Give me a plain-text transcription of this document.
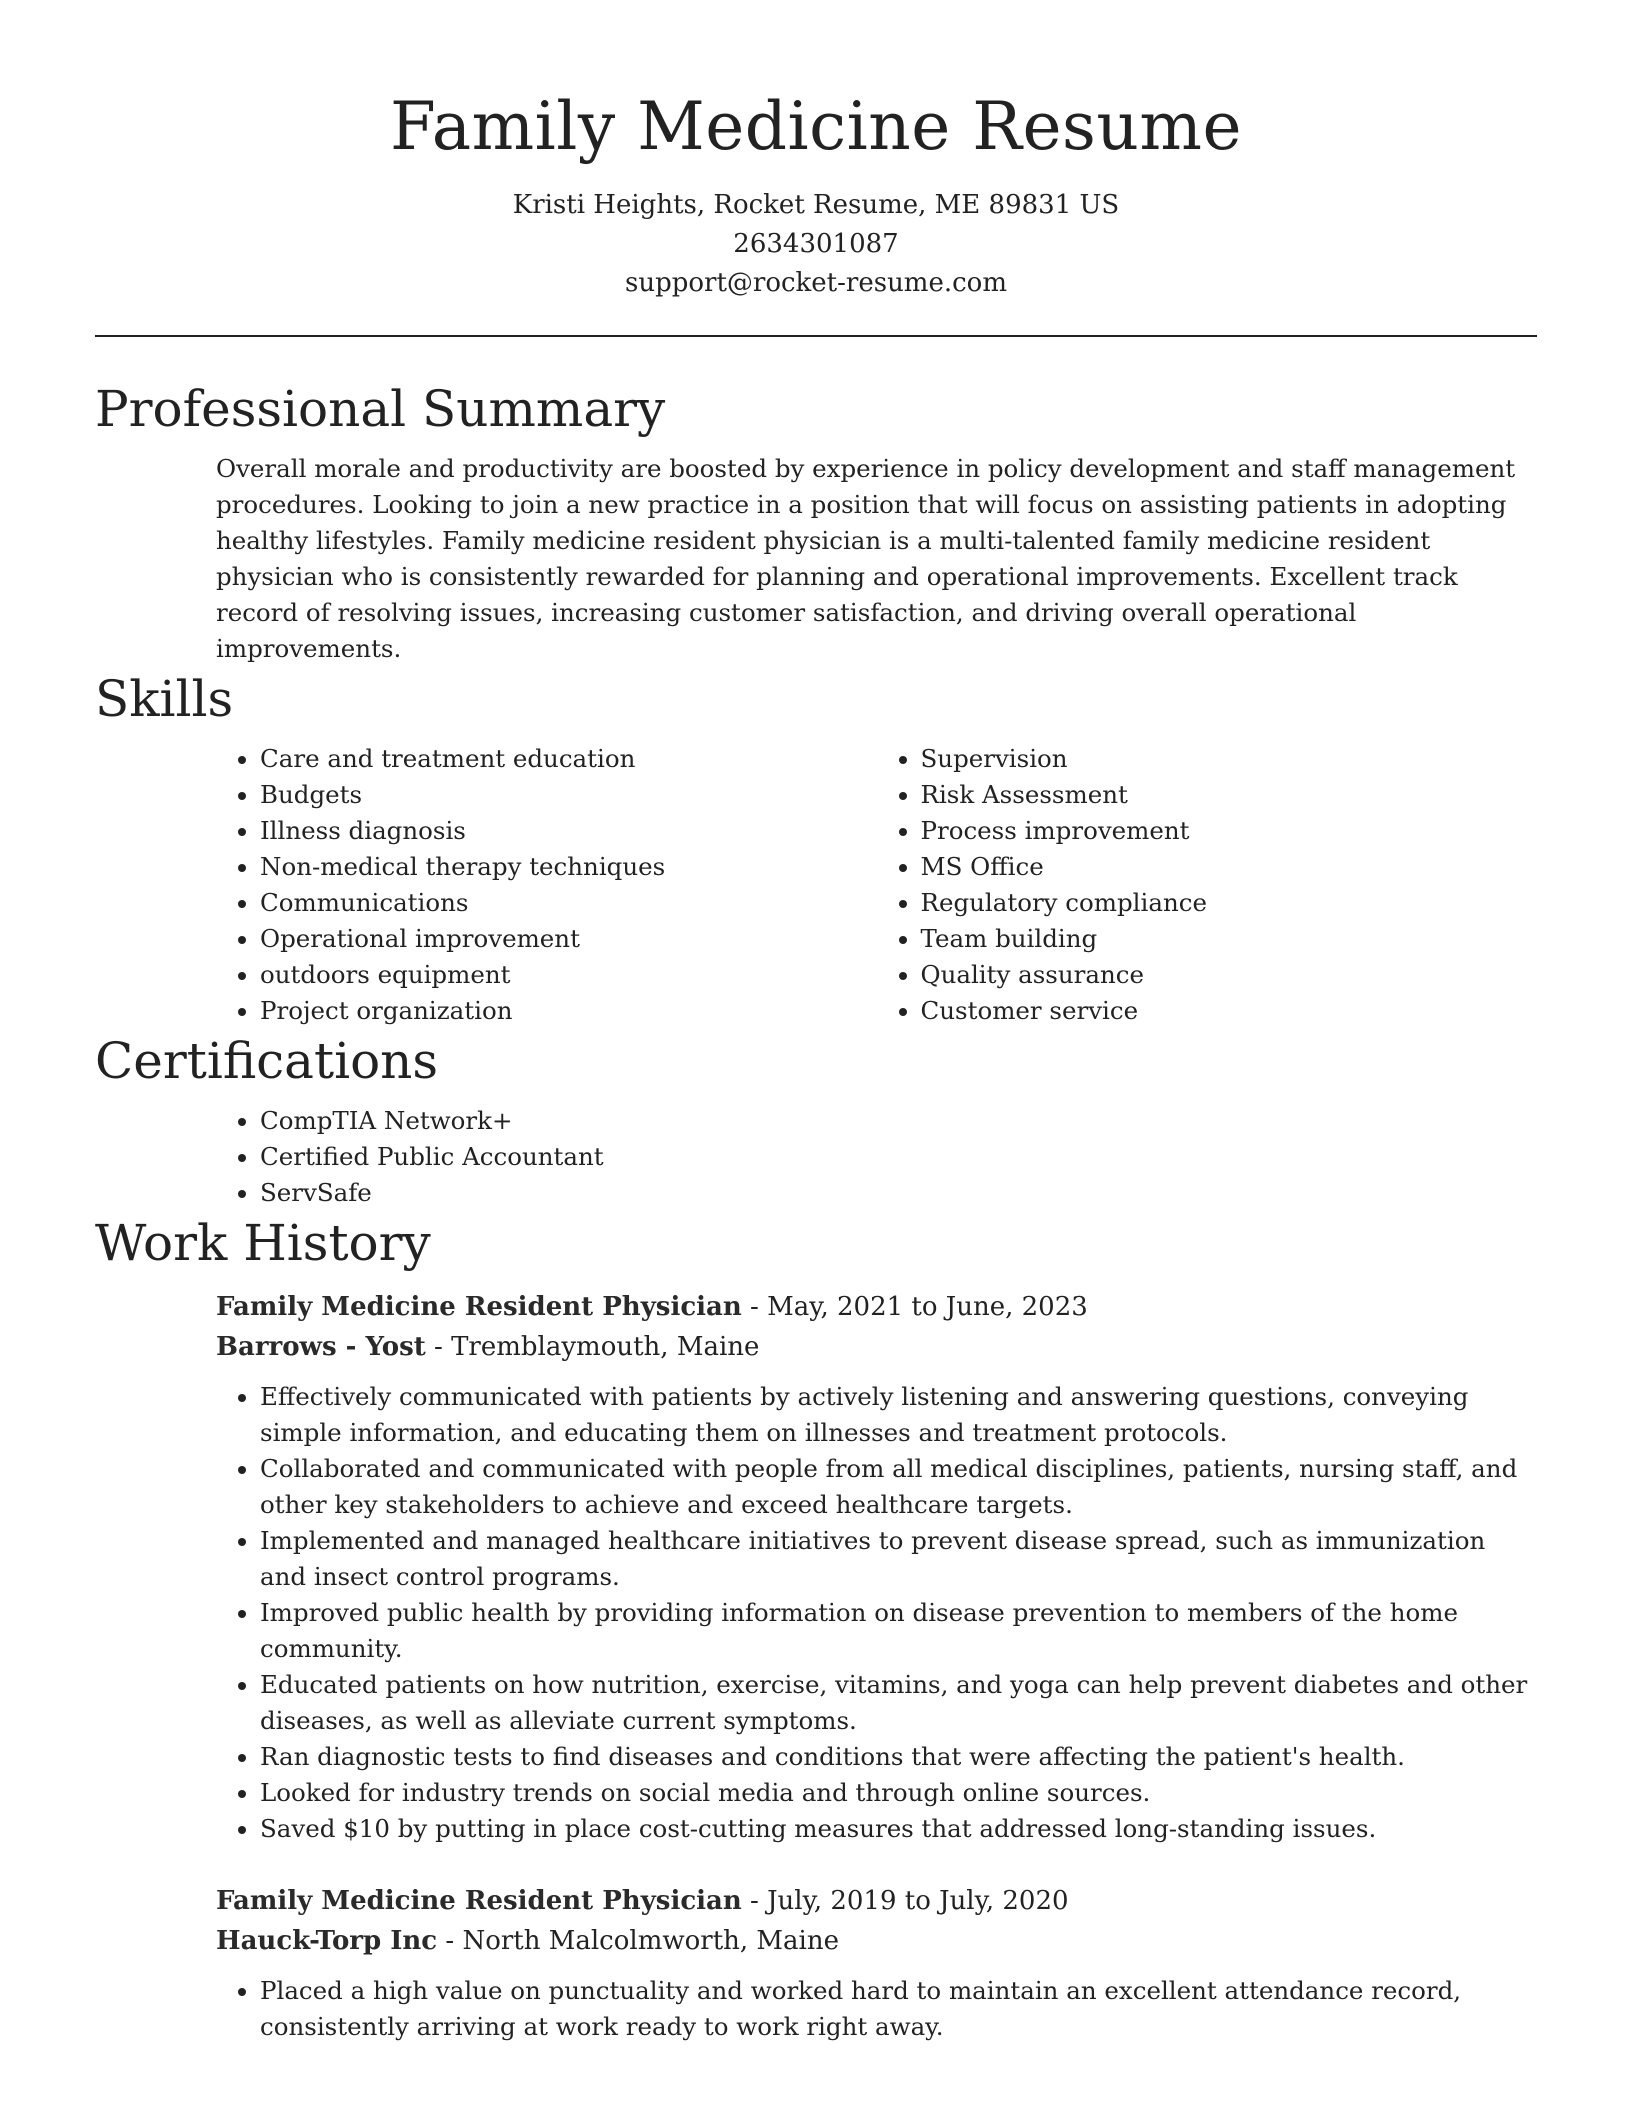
Family Medicine Resume
Kristi Heights, Rocket Resume, ME 89831 US
2634301087
support@rocket-resume.com
Professional Summary

Overall morale and productivity are boosted by experience in policy development and staff management procedures. Looking to join a new practice in a position that will focus on assisting patients in adopting healthy lifestyles. Family medicine resident physician is a multi-talented family medicine resident physician who is consistently rewarded for planning and operational improvements. Excellent track record of resolving issues, increasing customer satisfaction, and driving overall operational improvements.

Skills
• Care and treatment education
• Budgets
• Illness diagnosis
• Non-medical therapy techniques
• Communications
• Operational improvement
• outdoors equipment
• Project organization
• Supervision
• Risk Assessment
• Process improvement
• MS Office
• Regulatory compliance
• Team building
• Quality assurance
• Customer service
Certifications
• CompTIA Network+
• Certified Public Accountant
• ServSafe
Work History
Family Medicine Resident Physician - May, 2021 to June, 2023
Barrows - Yost - Tremblaymouth, Maine
• Effectively communicated with patients by actively listening and answering questions, conveying simple information, and educating them on illnesses and treatment protocols.
• Collaborated and communicated with people from all medical disciplines, patients, nursing staff, and other key stakeholders to achieve and exceed healthcare targets.
• Implemented and managed healthcare initiatives to prevent disease spread, such as immunization and insect control programs.
• Improved public health by providing information on disease prevention to members of the home community.
• Educated patients on how nutrition, exercise, vitamins, and yoga can help prevent diabetes and other diseases, as well as alleviate current symptoms.
• Ran diagnostic tests to find diseases and conditions that were affecting the patient's health.
• Looked for industry trends on social media and through online sources.
• Saved $10 by putting in place cost-cutting measures that addressed long-standing issues.
Family Medicine Resident Physician - July, 2019 to July, 2020
Hauck-Torp Inc - North Malcolmworth, Maine
• Placed a high value on punctuality and worked hard to maintain an excellent attendance record, consistently arriving at work ready to work right away.
